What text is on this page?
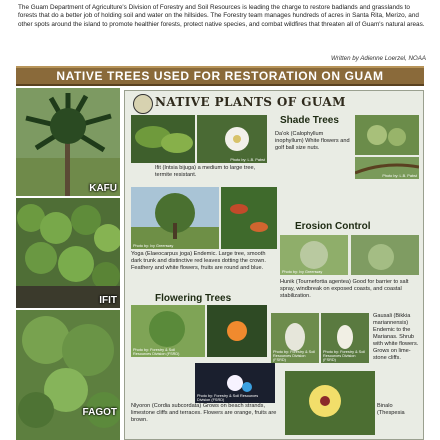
The Guam Department of Agriculture's Division of Forestry and Soil Resources is leading the charge to restore badlands and grasslands to forests that do a better job of holding soil and water on the hillsides. The Forestry team manages hundreds of acres in Santa Rita, Merizo, and other spots around the island to promote healthier forests, protect native species, and combat wildfires that threaten all of Guam's natural areas.
Written by Adienne Loerzel, NOAA
NATIVE TREES USED FOR RESTORATION ON GUAM
KAFU
IFIT
FAGOT
NATIVE PLANTS OF GUAM
Photo by: L.B. Pabst
Shade Trees
Da'ok (Calophyllum inophyllum) White flowers and golf ball size nuts.
Ifit (Intsia bijuga) a medium to large tree, termite resistant.	Photo by: L.B. Pabst
Photo by: Ivy Greenway
Erosion Control
Photo by: Ivy Greenway
Yoga (Elaeocarpus joga) Endemic. Large tree, smooth dark trunk and distinctive red leaves dotting the crown. Feathery and white flowers, fruits are round and blue.
Hunik (Tournefortia agentea) Good for barrier to salt spray, windbreak on exposed coasts, and coastal stabilization.
Flowering Trees
Photo by: Forestry & Soil Resources Division (FSRD)	Photo by: Forestry & Soil Resources Division (FSRD)
Photo by: Forestry & Soil Resources Division (FSRD)
Gausali (Bikkia mariannensis) Endemic to the Marianas. Shrub with white flowers. Grows on lime-stone cliffs.
Photo by: Forestry & Soil Resources Division (FSRD)
Nlyoron (Cordia subcordata) Grows on beach strands, limestone cliffs and terraces. Flowers are orange, fruits are brown.
Binalo (Thespesia
